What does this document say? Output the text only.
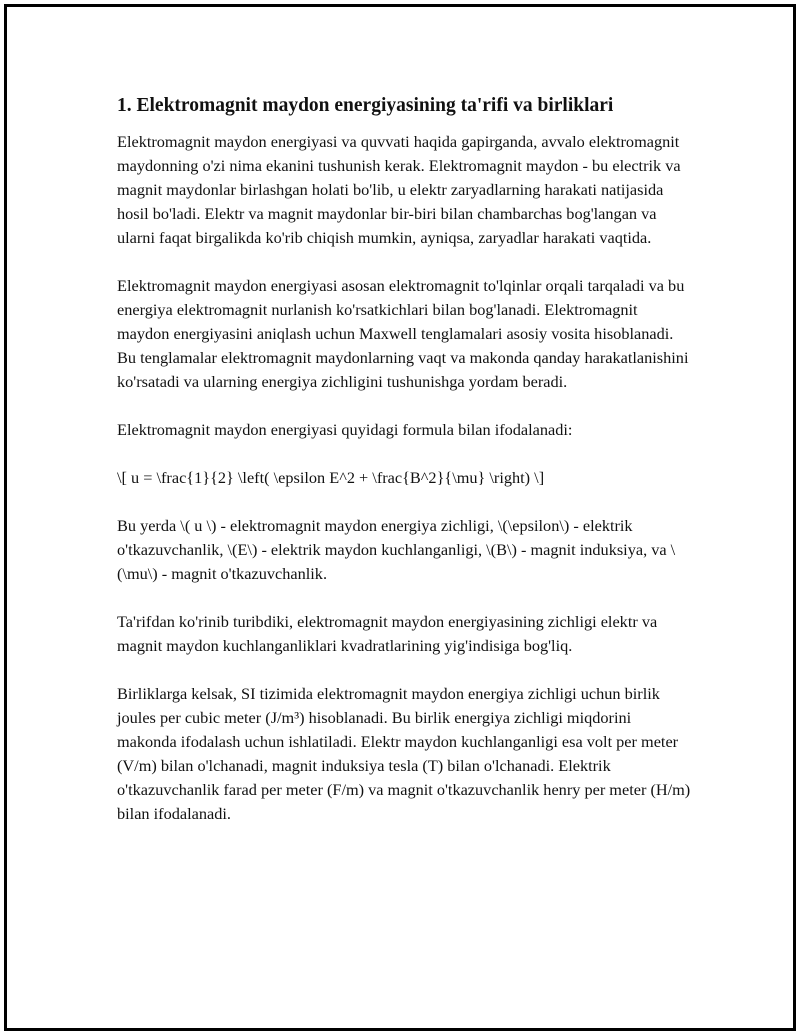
1. Elektromagnit maydon energiyasining ta'rifi va birliklari

Elektromagnit maydon energiyasi va quvvati haqida gapirganda, avvalo elektromagnit maydonning o'zi nima ekanini tushunish kerak. Elektromagnit maydon - bu electrik va magnit maydonlar birlashgan holati bo'lib, u elektr zaryadlarning harakati natijasida hosil bo'ladi. Elektr va magnit maydonlar bir-biri bilan chambarchas bog'langan va ularni faqat birgalikda ko'rib chiqish mumkin, ayniqsa, zaryadlar harakati vaqtida.

Elektromagnit maydon energiyasi asosan elektromagnit to'lqinlar orqali tarqaladi va bu energiya elektromagnit nurlanish ko'rsatkichlari bilan bog'lanadi. Elektromagnit maydon energiyasini aniqlash uchun Maxwell tenglamalari asosiy vosita hisoblanadi. Bu tenglamalar elektromagnit maydonlarning vaqt va makonda qanday harakatlanishini ko'rsatadi va ularning energiya zichligini tushunishga yordam beradi.

Elektromagnit maydon energiyasi quyidagi formula bilan ifodalanadi:

\[ u = \frac{1}{2} \left( \epsilon E^2 + \frac{B^2}{\mu} \right) \]

Bu yerda \( u \) - elektromagnit maydon energiya zichligi, \(\epsilon\) - elektrik o'tkazuvchanlik, \(E\) - elektrik maydon kuchlanganligi, \(B\) - magnit induksiya, va \(\mu\) - magnit o'tkazuvchanlik.

Ta'rifdan ko'rinib turibdiki, elektromagnit maydon energiyasining zichligi elektr va magnit maydon kuchlanganliklari kvadratlarining yig'indisiga bog'liq.

Birliklarga kelsak, SI tizimida elektromagnit maydon energiya zichligi uchun birlik joules per cubic meter (J/m³) hisoblanadi. Bu birlik energiya zichligi miqdorini makonda ifodalash uchun ishlatiladi. Elektr maydon kuchlanganligi esa volt per meter (V/m) bilan o'lchanadi, magnit induksiya tesla (T) bilan o'lchanadi. Elektrik o'tkazuvchanlik farad per meter (F/m) va magnit o'tkazuvchanlik henry per meter (H/m) bilan ifodalanadi.
